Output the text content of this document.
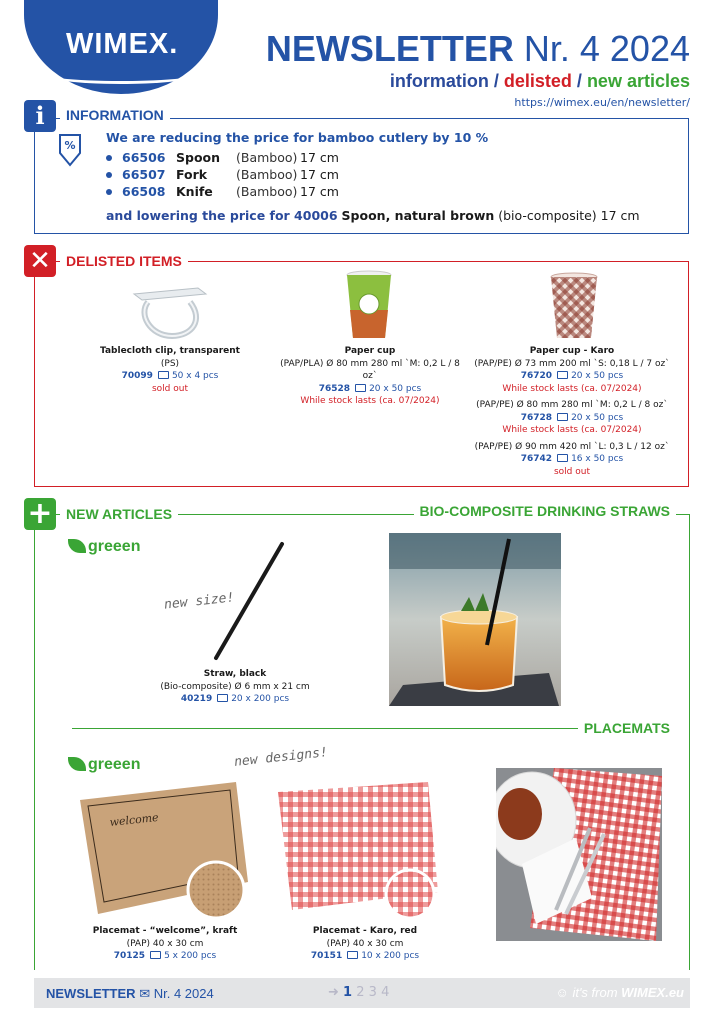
WIMEX. NEWSLETTER Nr. 4 2024
information / delisted / new articles
https://wimex.eu/en/newsletter/
i	INFORMATION
%
We are reducing the price for bamboo cutlery by 10 %
66506 Spoon	(Bamboo) 17 cm
66507 Fork	(Bamboo) 17 cm
66508 Knife	(Bamboo) 17 cm
and lowering the price for 40006 Spoon, natural brown (bio-composite) 17 cm
✕	DELISTED ITEMS
Tablecloth clip, transparent
(PS)
70099 50 x 4 pcs
sold out
Paper cup
(PAP/PLA) Ø 80 mm 280 ml `M: 0,2 L / 8 oz`
76528 20 x 50 pcs
While stock lasts (ca. 07/2024)
Paper cup - Karo
(PAP/PE) Ø 73 mm 200 ml `S: 0,18 L / 7 oz`
76720 20 x 50 pcs
While stock lasts (ca. 07/2024)
(PAP/PE) Ø 80 mm 280 ml `M: 0,2 L / 8 oz`
76728 20 x 50 pcs
While stock lasts (ca. 07/2024)
(PAP/PE) Ø 90 mm 420 ml `L: 0,3 L / 12 oz`
76742 16 x 50 pcs
sold out
+ NEW ARTICLES	BIO-COMPOSITE DRINKING STRAWS
greeen
new size!
Straw, black
(Bio-composite) Ø 6 mm x 21 cm
40219 20 x 200 pcs
PLACEMATS
greeen	new designs!
welcome
Placemat - “welcome”, kraft
(PAP) 40 x 30 cm
70125 5 x 200 pcs
Placemat - Karo, red
(PAP) 40 x 30 cm
70151 10 x 200 pcs
NEWSLETTER ✉ Nr. 4 2024	➜ 1 2 3 4	☺ it's from WIMEX.eu
